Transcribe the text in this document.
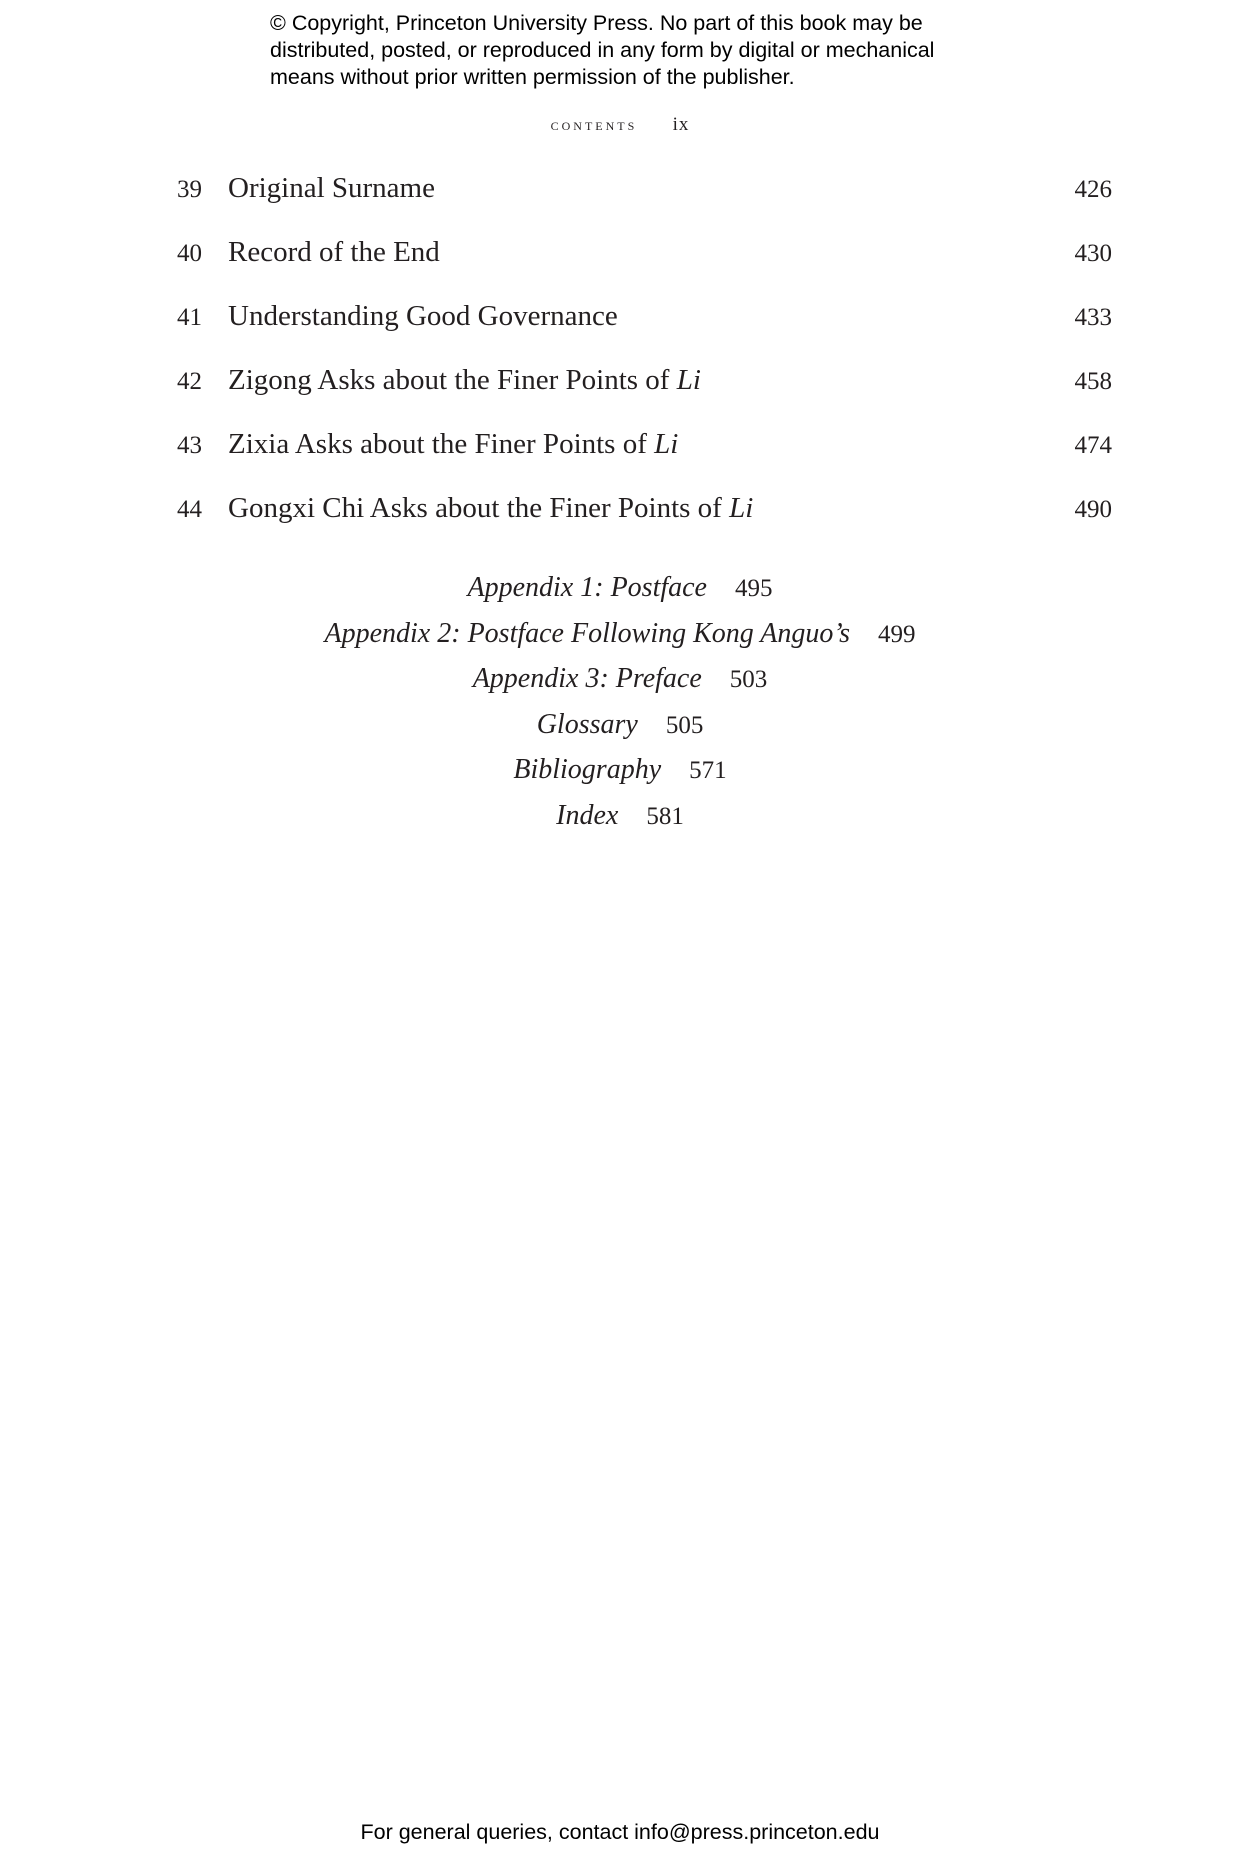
© Copyright, Princeton University Press. No part of this book may be
distributed, posted, or reproduced in any form by digital or mechanical
means without prior written permission of the publisher.
contents ix
39 Original Surname	426
40 Record of the End	430
41 Understanding Good Governance	433
42 Zigong Asks about the Finer Points of Li	458
43 Zixia Asks about the Finer Points of Li	474
44 Gongxi Chi Asks about the Finer Points of Li	490
Appendix 1: Postface 495
Appendix 2: Postface Following Kong Anguo’s 499
Appendix 3: Preface 503
Glossary 505
Bibliography 571
Index 581
For general queries, contact info@press.princeton.edu
